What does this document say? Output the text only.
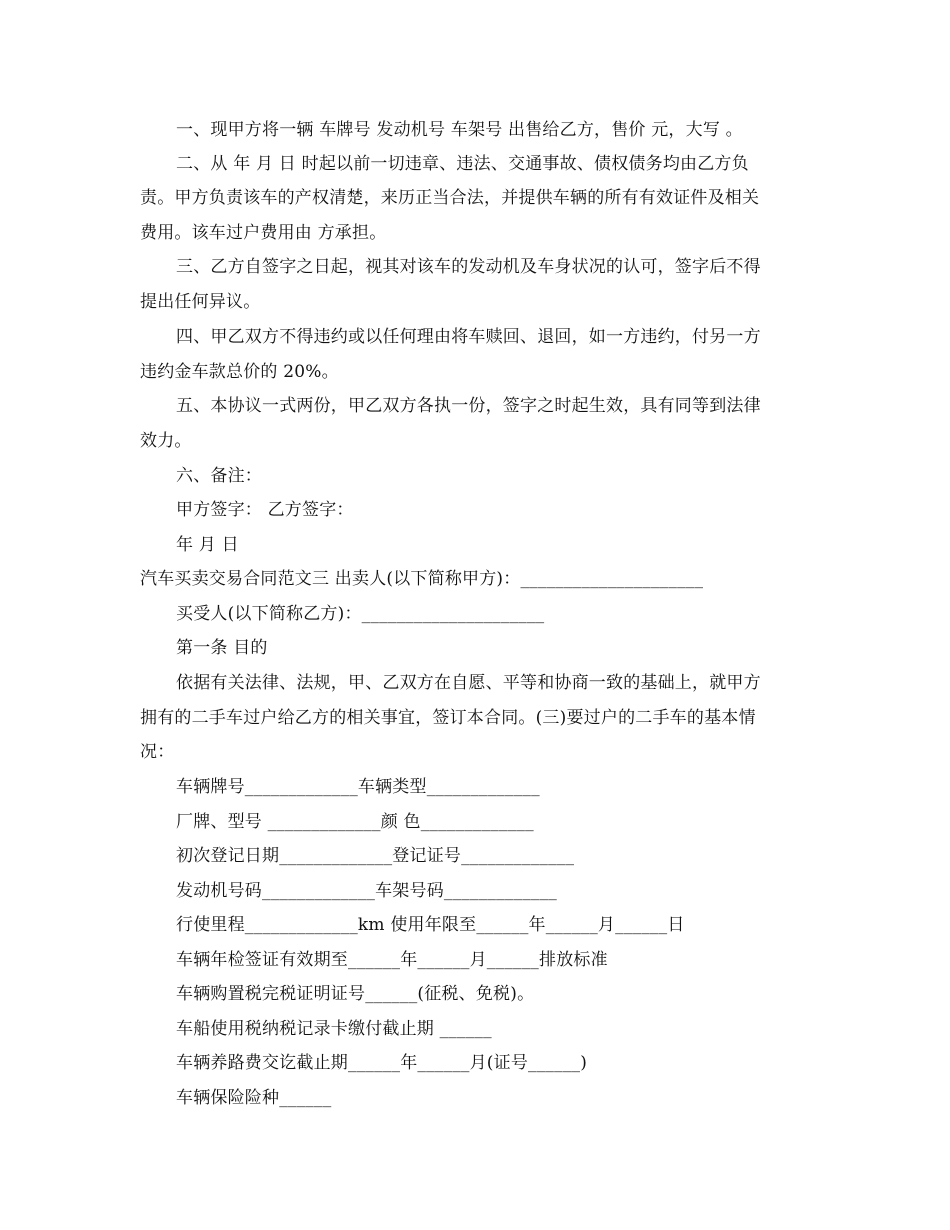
一、现甲方将一辆 车牌号 发动机号 车架号 出售给乙方，售价 元，大写 。
二、从 年 月 日 时起以前一切违章、违法、交通事故、债权债务均由乙方负
责。甲方负责该车的产权清楚，来历正当合法，并提供车辆的所有有效证件及相关
费用。该车过户费用由 方承担。
三、乙方自签字之日起，视其对该车的发动机及车身状况的认可，签字后不得
提出任何异议。
四、甲乙双方不得违约或以任何理由将车赎回、退回，如一方违约，付另一方
违约金车款总价的 20%。
五、本协议一式两份，甲乙双方各执一份，签字之时起生效，具有同等到法律
效力。
六、备注：
甲方签字： 乙方签字：
年 月 日
汽车买卖交易合同范文三 出卖人(以下简称甲方)：_____________________
买受人(以下简称乙方)：_____________________
第一条 目的
依据有关法律、法规，甲、乙双方在自愿、平等和协商一致的基础上，就甲方
拥有的二手车过户给乙方的相关事宜，签订本合同。(三)要过户的二手车的基本情
况：
车辆牌号_____________车辆类型_____________
厂牌、型号 _____________颜 色_____________
初次登记日期_____________登记证号_____________
发动机号码_____________车架号码_____________
行使里程_____________km 使用年限至______年______月______日
车辆年检签证有效期至______年______月______排放标准
车辆购置税完税证明证号______(征税、免税)。
车船使用税纳税记录卡缴付截止期 ______
车辆养路费交讫截止期______年______月(证号______)
车辆保险险种______
